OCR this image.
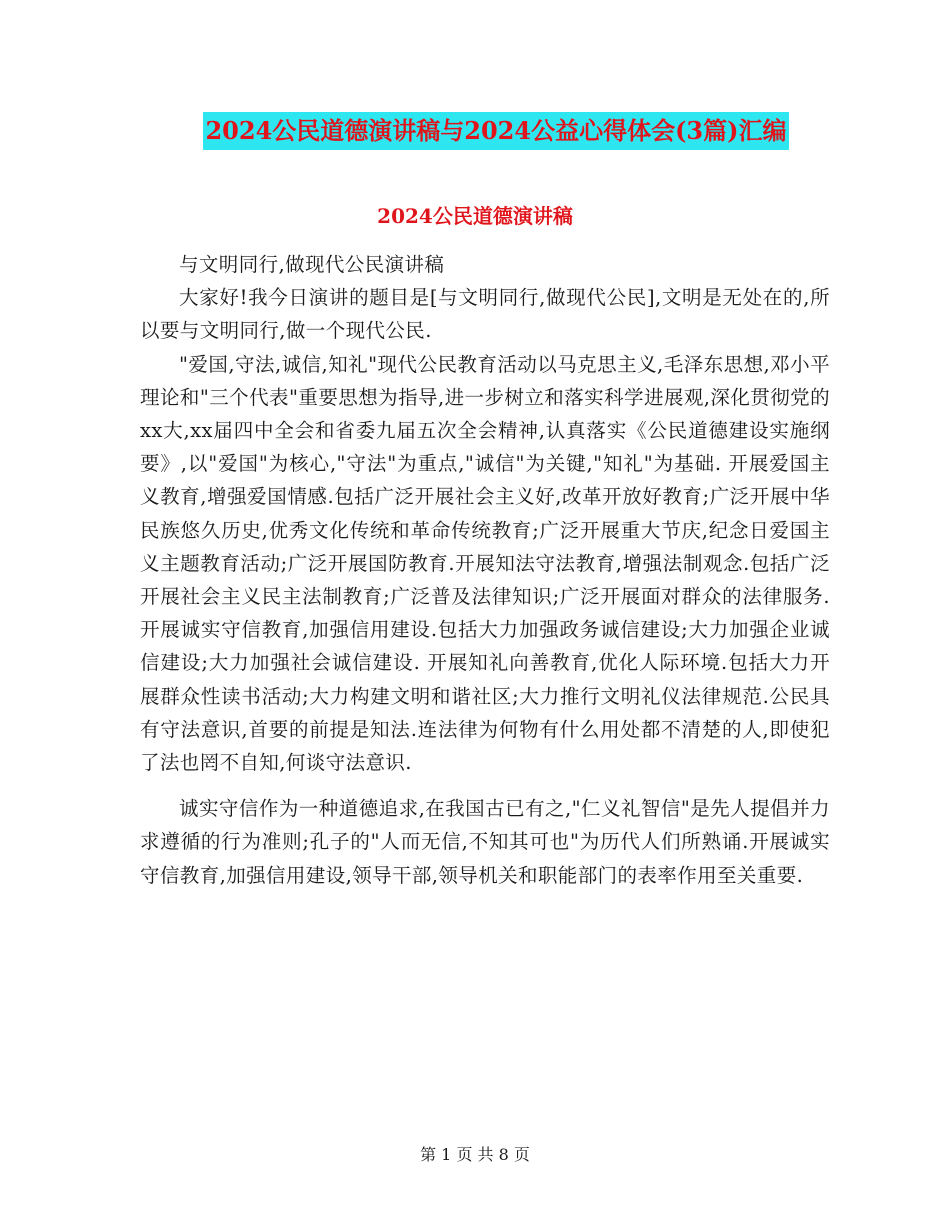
2024公民道德演讲稿与2024公益心得体会(3篇)汇编
2024公民道德演讲稿

与文明同行,做现代公民演讲稿

大家好!我今日演讲的题目是[与文明同行,做现代公民],文明是无处在的,所以要与文明同行,做一个现代公民.

"爱国,守法,诚信,知礼"现代公民教育活动以马克思主义,毛泽东思想,邓小平理论和"三个代表"重要思想为指导,进一步树立和落实科学进展观,深化贯彻党的xx大,xx届四中全会和省委九届五次全会精神,认真落实《公民道德建设实施纲要》,以"爱国"为核心,"守法"为重点,"诚信"为关键,"知礼"为基础. 开展爱国主义教育,增强爱国情感.包括广泛开展社会主义好,改革开放好教育;广泛开展中华民族悠久历史,优秀文化传统和革命传统教育;广泛开展重大节庆,纪念日爱国主义主题教育活动;广泛开展国防教育.开展知法守法教育,增强法制观念.包括广泛开展社会主义民主法制教育;广泛普及法律知识;广泛开展面对群众的法律服务.开展诚实守信教育,加强信用建设.包括大力加强政务诚信建设;大力加强企业诚信建设;大力加强社会诚信建设. 开展知礼向善教育,优化人际环境.包括大力开展群众性读书活动;大力构建文明和谐社区;大力推行文明礼仪法律规范.公民具有守法意识,首要的前提是知法.连法律为何物有什么用处都不清楚的人,即使犯了法也罔不自知,何谈守法意识.

诚实守信作为一种道德追求,在我国古已有之,"仁义礼智信"是先人提倡并力求遵循的行为准则;孔子的"人而无信,不知其可也"为历代人们所熟诵.开展诚实守信教育,加强信用建设,领导干部,领导机关和职能部门的表率作用至关重要.

第 1 页 共 8 页
